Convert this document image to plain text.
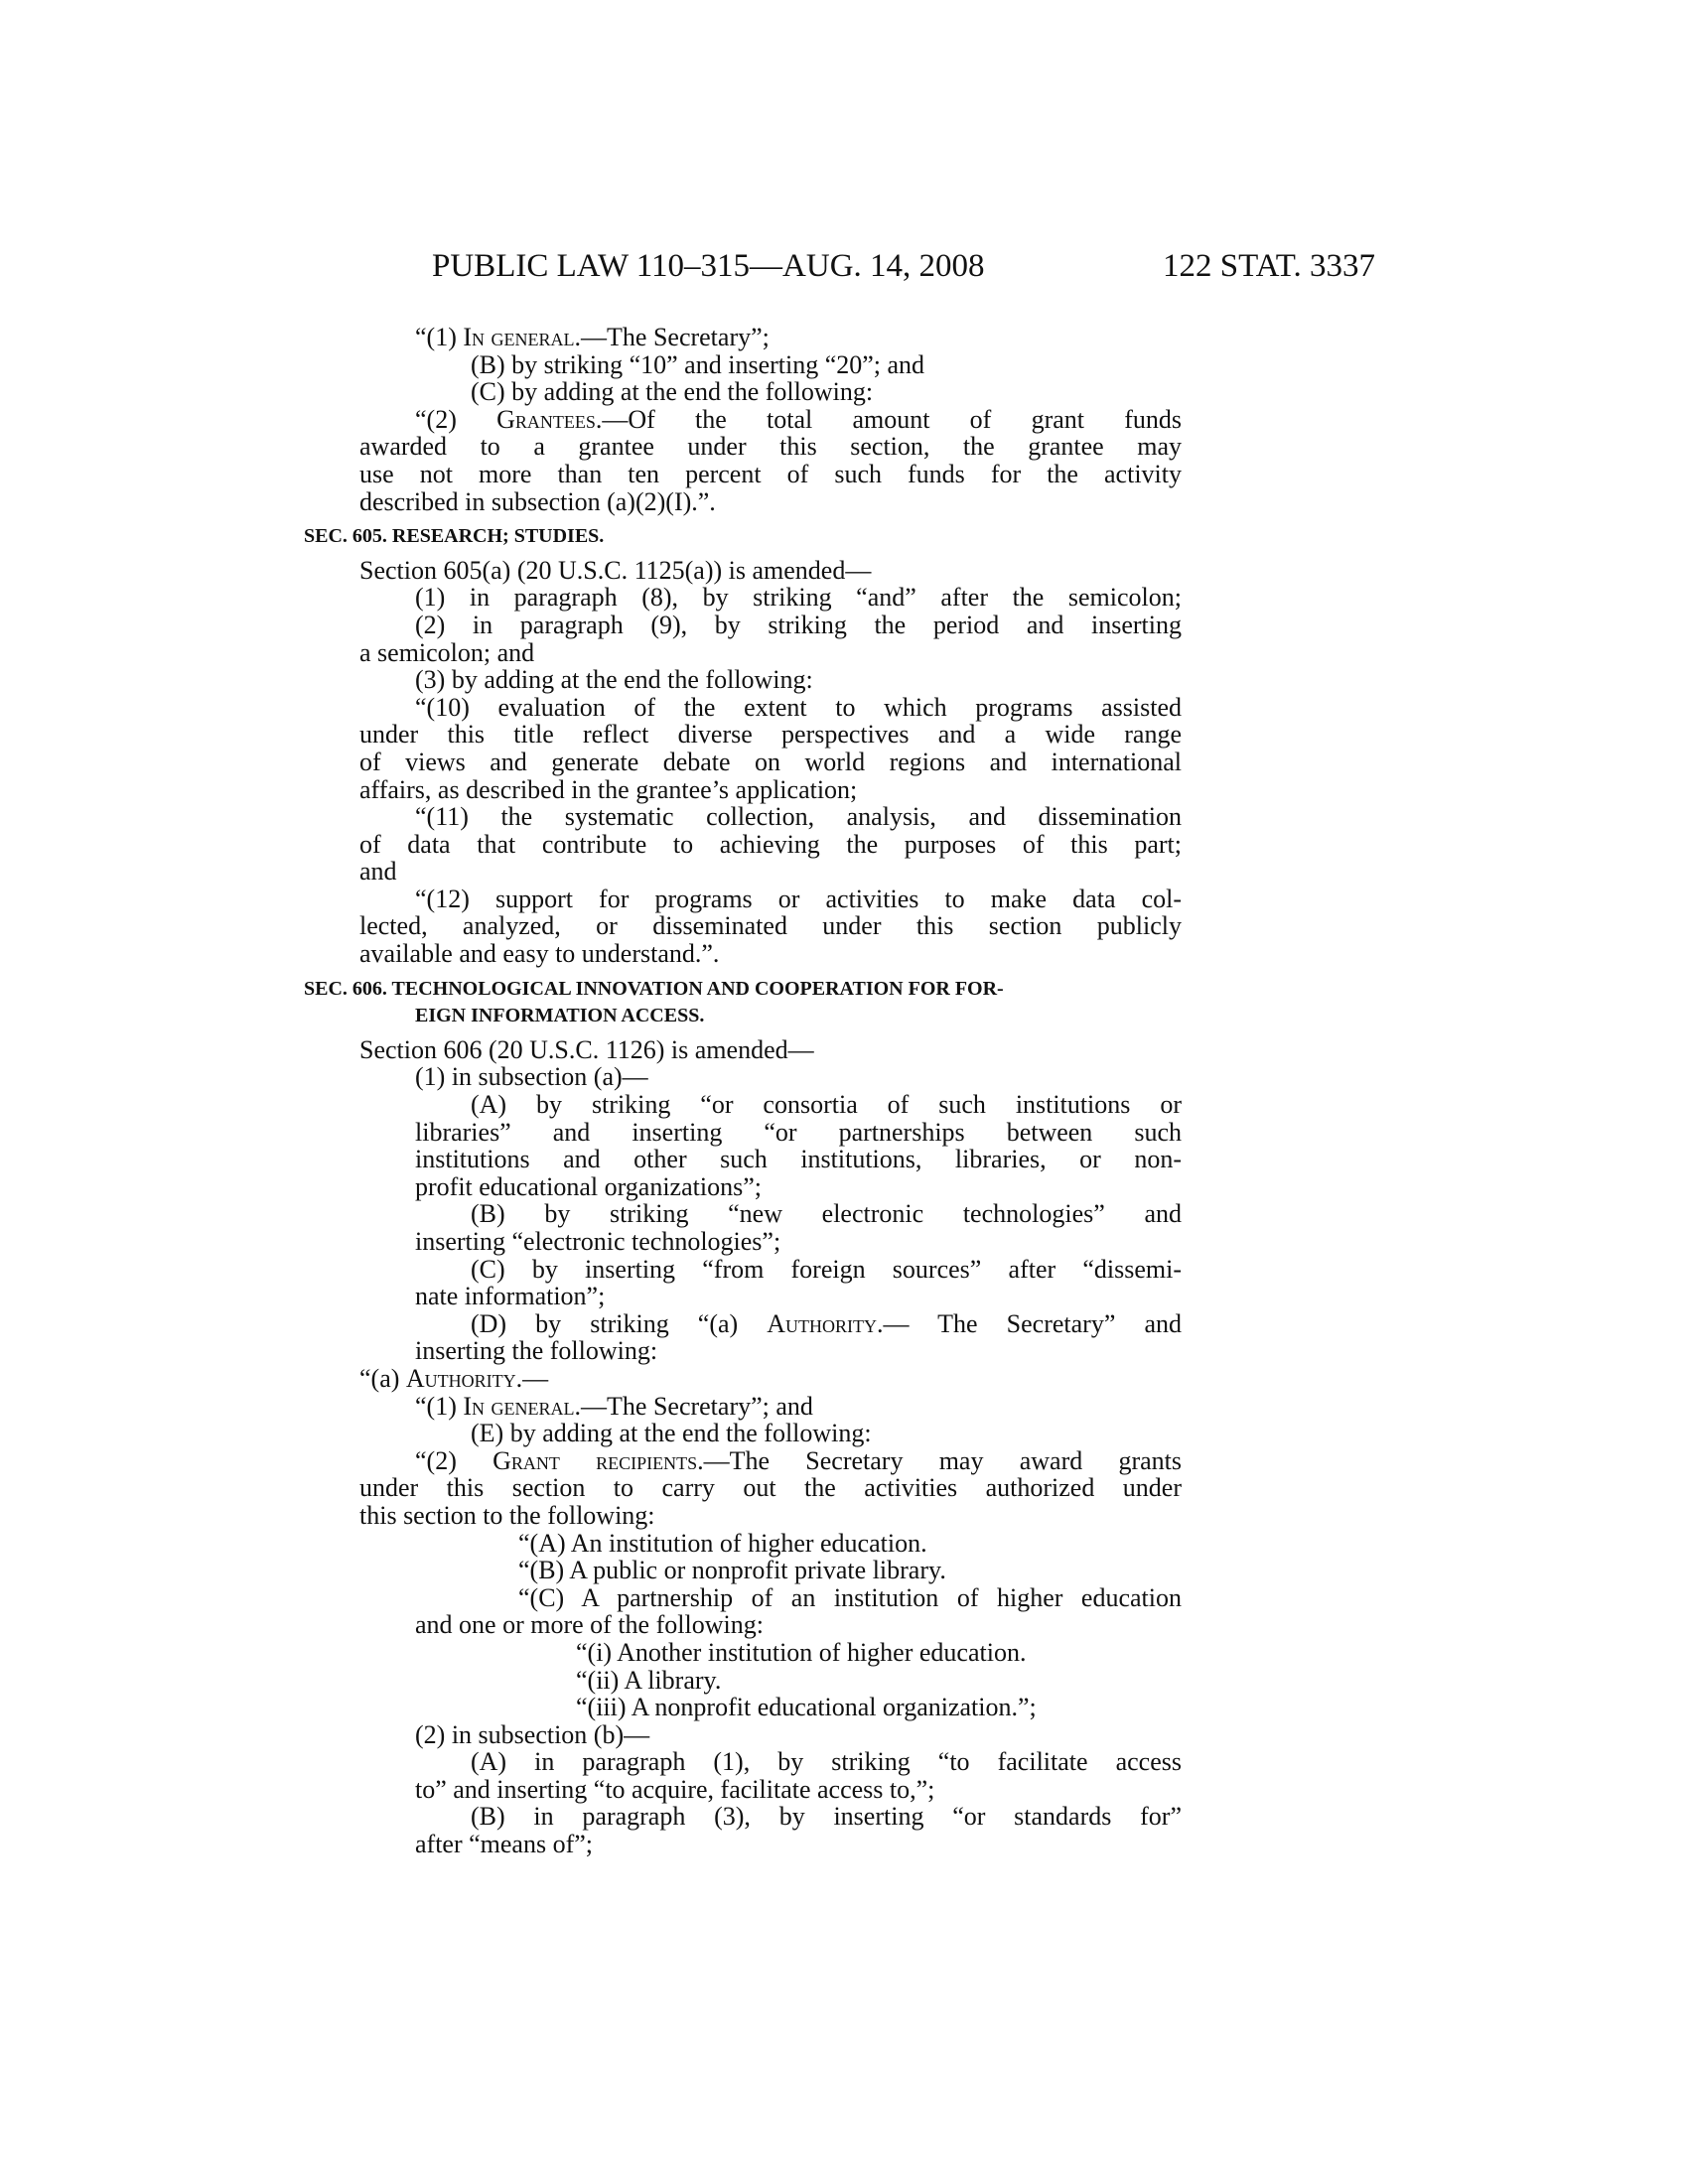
PUBLIC LAW 110–315—AUG. 14, 2008	122 STAT. 3337
“(1) In general.—The Secretary”;
(B) by striking “10” and inserting “20”; and
(C) by adding at the end the following:
“(2) Grantees.—Of the total amount of grant funds
awarded to a grantee under this section, the grantee may
use not more than ten percent of such funds for the activity
described in subsection (a)(2)(I).”.
SEC. 605. RESEARCH; STUDIES.
Section 605(a) (20 U.S.C. 1125(a)) is amended—
(1) in paragraph (8), by striking “and” after the semicolon;
(2) in paragraph (9), by striking the period and inserting
a semicolon; and
(3) by adding at the end the following:
“(10) evaluation of the extent to which programs assisted
under this title reflect diverse perspectives and a wide range
of views and generate debate on world regions and international
affairs, as described in the grantee’s application;
“(11) the systematic collection, analysis, and dissemination
of data that contribute to achieving the purposes of this part;
and
“(12) support for programs or activities to make data col-
lected, analyzed, or disseminated under this section publicly
available and easy to understand.”.
SEC. 606. TECHNOLOGICAL INNOVATION AND COOPERATION FOR FOR-
EIGN INFORMATION ACCESS.
Section 606 (20 U.S.C. 1126) is amended—
(1) in subsection (a)—
(A) by striking “or consortia of such institutions or
libraries” and inserting “or partnerships between such
institutions and other such institutions, libraries, or non-
profit educational organizations”;
(B) by striking “new electronic technologies” and
inserting “electronic technologies”;
(C) by inserting “from foreign sources” after “dissemi-
nate information”;
(D) by striking “(a) Authority.— The Secretary” and
inserting the following:
“(a) Authority.—
“(1) In general.—The Secretary”; and
(E) by adding at the end the following:
“(2) Grant recipients.—The Secretary may award grants
under this section to carry out the activities authorized under
this section to the following:
“(A) An institution of higher education.
“(B) A public or nonprofit private library.
“(C) A partnership of an institution of higher education
and one or more of the following:
“(i) Another institution of higher education.
“(ii) A library.
“(iii) A nonprofit educational organization.”;
(2) in subsection (b)—
(A) in paragraph (1), by striking “to facilitate access
to” and inserting “to acquire, facilitate access to,”;
(B) in paragraph (3), by inserting “or standards for”
after “means of”;
